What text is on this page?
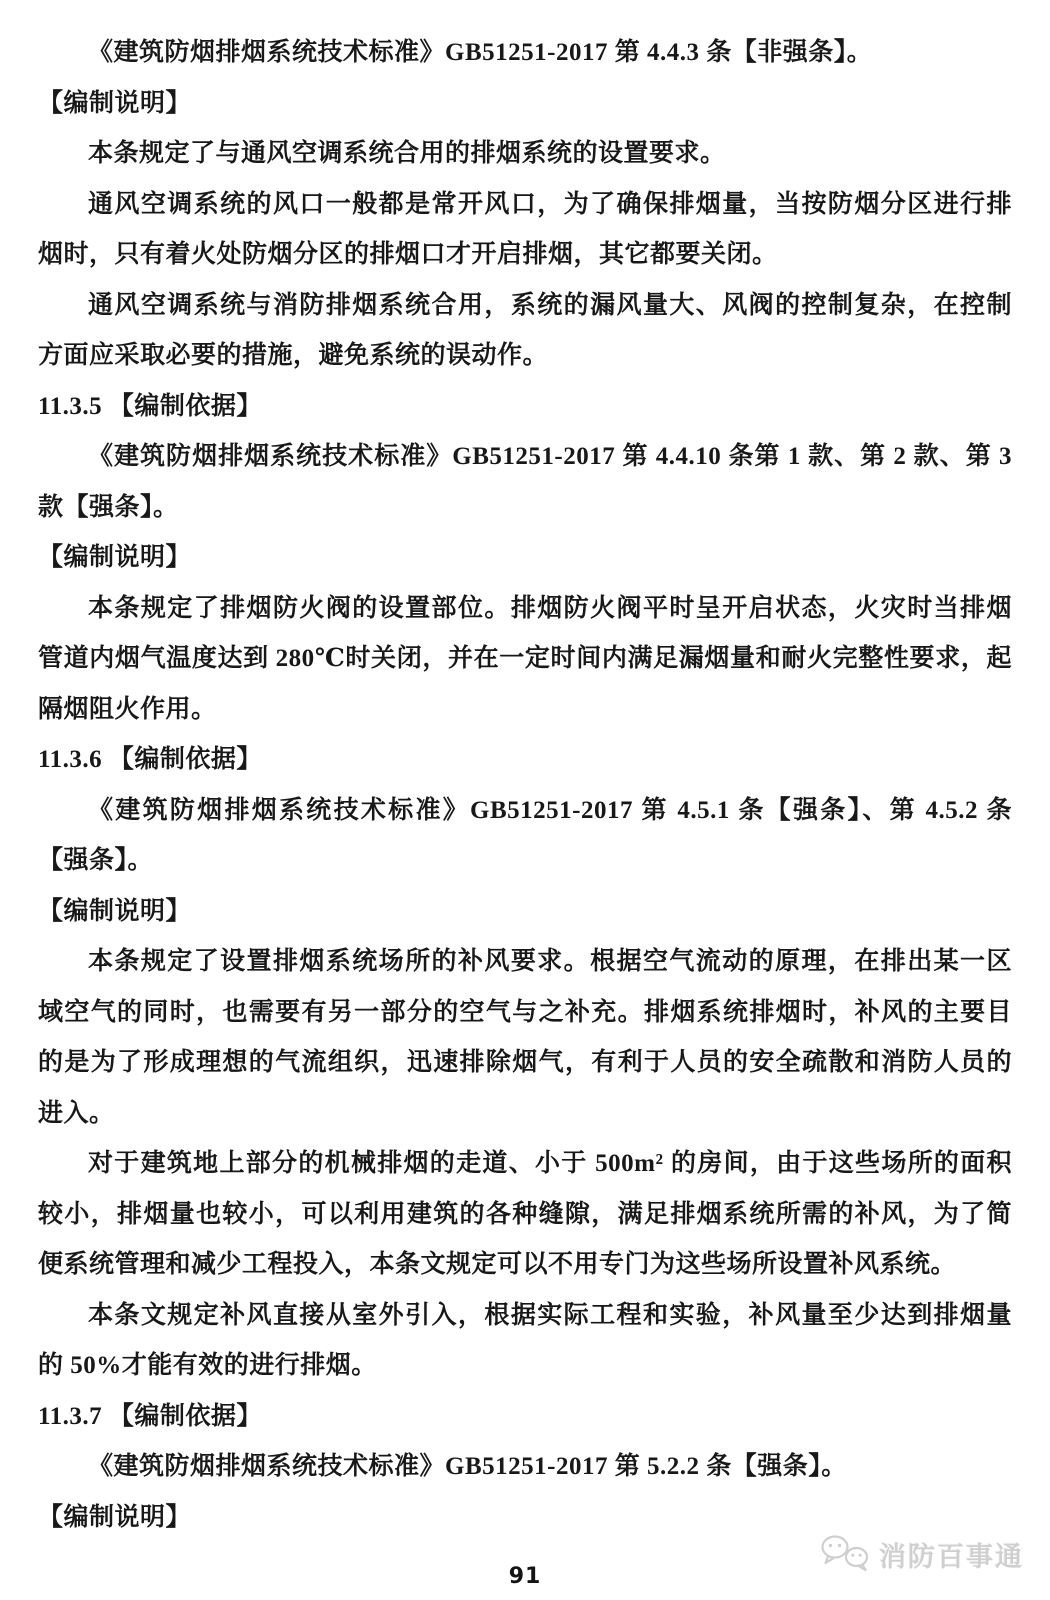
《建筑防烟排烟系统技术标准》GB51251-2017 第 4.4.3 条【非强条】。
【编制说明】
本条规定了与通风空调系统合用的排烟系统的设置要求。
通风空调系统的风口一般都是常开风口，为了确保排烟量，当按防烟分区进行排
烟时，只有着火处防烟分区的排烟口才开启排烟，其它都要关闭。
通风空调系统与消防排烟系统合用，系统的漏风量大、风阀的控制复杂，在控制
方面应采取必要的措施，避免系统的误动作。
11.3.5 【编制依据】
《建筑防烟排烟系统技术标准》GB51251-2017 第 4.4.10 条第 1 款、第 2 款、第 3
款【强条】。
【编制说明】
本条规定了排烟防火阀的设置部位。排烟防火阀平时呈开启状态，火灾时当排烟
管道内烟气温度达到 280℃时关闭，并在一定时间内满足漏烟量和耐火完整性要求，起
隔烟阻火作用。
11.3.6 【编制依据】
《建筑防烟排烟系统技术标准》GB51251-2017 第 4.5.1 条【强条】、第 4.5.2 条
【强条】。
【编制说明】
本条规定了设置排烟系统场所的补风要求。根据空气流动的原理，在排出某一区
域空气的同时，也需要有另一部分的空气与之补充。排烟系统排烟时，补风的主要目
的是为了形成理想的气流组织，迅速排除烟气，有利于人员的安全疏散和消防人员的
进入。
对于建筑地上部分的机械排烟的走道、小于 500m² 的房间，由于这些场所的面积
较小，排烟量也较小，可以利用建筑的各种缝隙，满足排烟系统所需的补风，为了简
便系统管理和减少工程投入，本条文规定可以不用专门为这些场所设置补风系统。
本条文规定补风直接从室外引入，根据实际工程和实验，补风量至少达到排烟量
的 50%才能有效的进行排烟。
11.3.7 【编制依据】
《建筑防烟排烟系统技术标准》GB51251-2017 第 5.2.2 条【强条】。
【编制说明】
消防百事通
91
